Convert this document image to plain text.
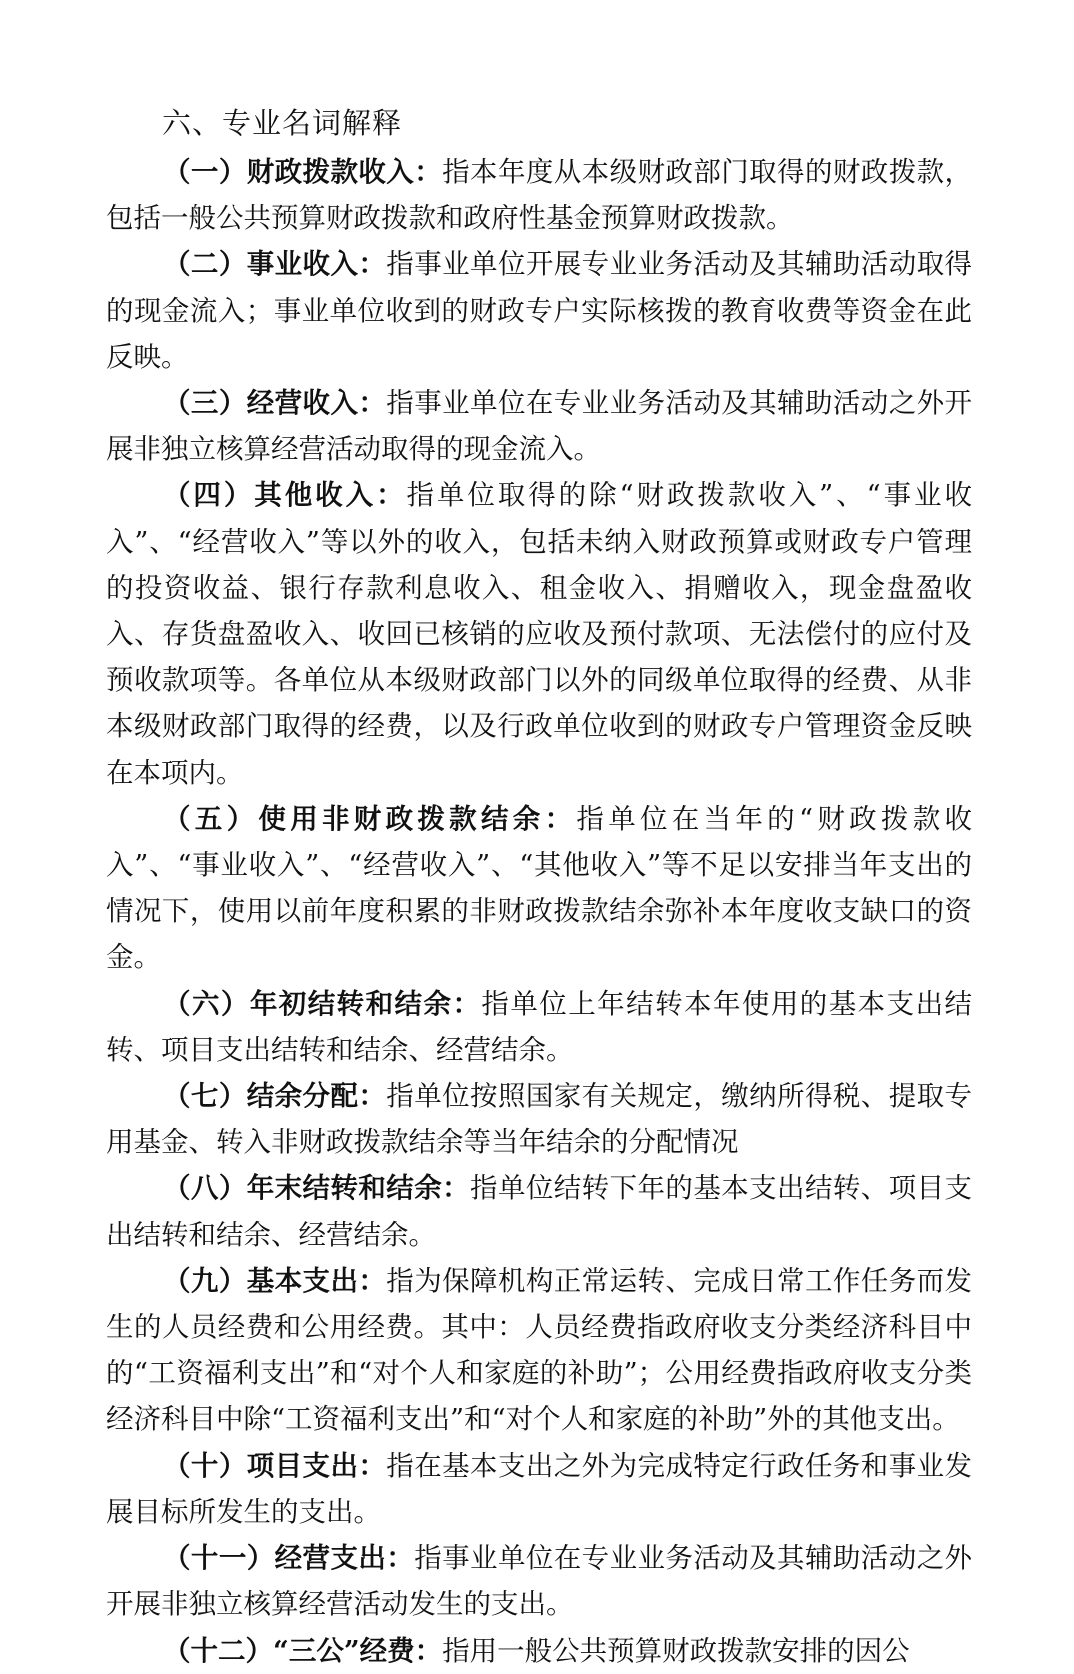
六、专业名词解释

（一）财政拨款收入：指本年度从本级财政部门取得的财政拨款，包括一般公共预算财政拨款和政府性基金预算财政拨款。

（二）事业收入：指事业单位开展专业业务活动及其辅助活动取得的现金流入；事业单位收到的财政专户实际核拨的教育收费等资金在此反映。

（三）经营收入：指事业单位在专业业务活动及其辅助活动之外开展非独立核算经营活动取得的现金流入。

（四）其他收入：指单位取得的除“财政拨款收入”、“事业收入”、“经营收入”等以外的收入，包括未纳入财政预算或财政专户管理的投资收益、银行存款利息收入、租金收入、捐赠收入，现金盘盈收入、存货盘盈收入、收回已核销的应收及预付款项、无法偿付的应付及预收款项等。各单位从本级财政部门以外的同级单位取得的经费、从非本级财政部门取得的经费，以及行政单位收到的财政专户管理资金反映在本项内。

（五）使用非财政拨款结余：指单位在当年的“财政拨款收入”、“事业收入”、“经营收入”、“其他收入”等不足以安排当年支出的情况下，使用以前年度积累的非财政拨款结余弥补本年度收支缺口的资金。

（六）年初结转和结余：指单位上年结转本年使用的基本支出结转、项目支出结转和结余、经营结余。

（七）结余分配：指单位按照国家有关规定，缴纳所得税、提取专用基金、转入非财政拨款结余等当年结余的分配情况

（八）年末结转和结余：指单位结转下年的基本支出结转、项目支出结转和结余、经营结余。

（九）基本支出：指为保障机构正常运转、完成日常工作任务而发生的人员经费和公用经费。其中：人员经费指政府收支分类经济科目中的“工资福利支出”和“对个人和家庭的补助”；公用经费指政府收支分类经济科目中除“工资福利支出”和“对个人和家庭的补助”外的其他支出。

（十）项目支出：指在基本支出之外为完成特定行政任务和事业发展目标所发生的支出。

（十一）经营支出：指事业单位在专业业务活动及其辅助活动之外开展非独立核算经营活动发生的支出。

（十二）“三公”经费：指用一般公共预算财政拨款安排的因公
